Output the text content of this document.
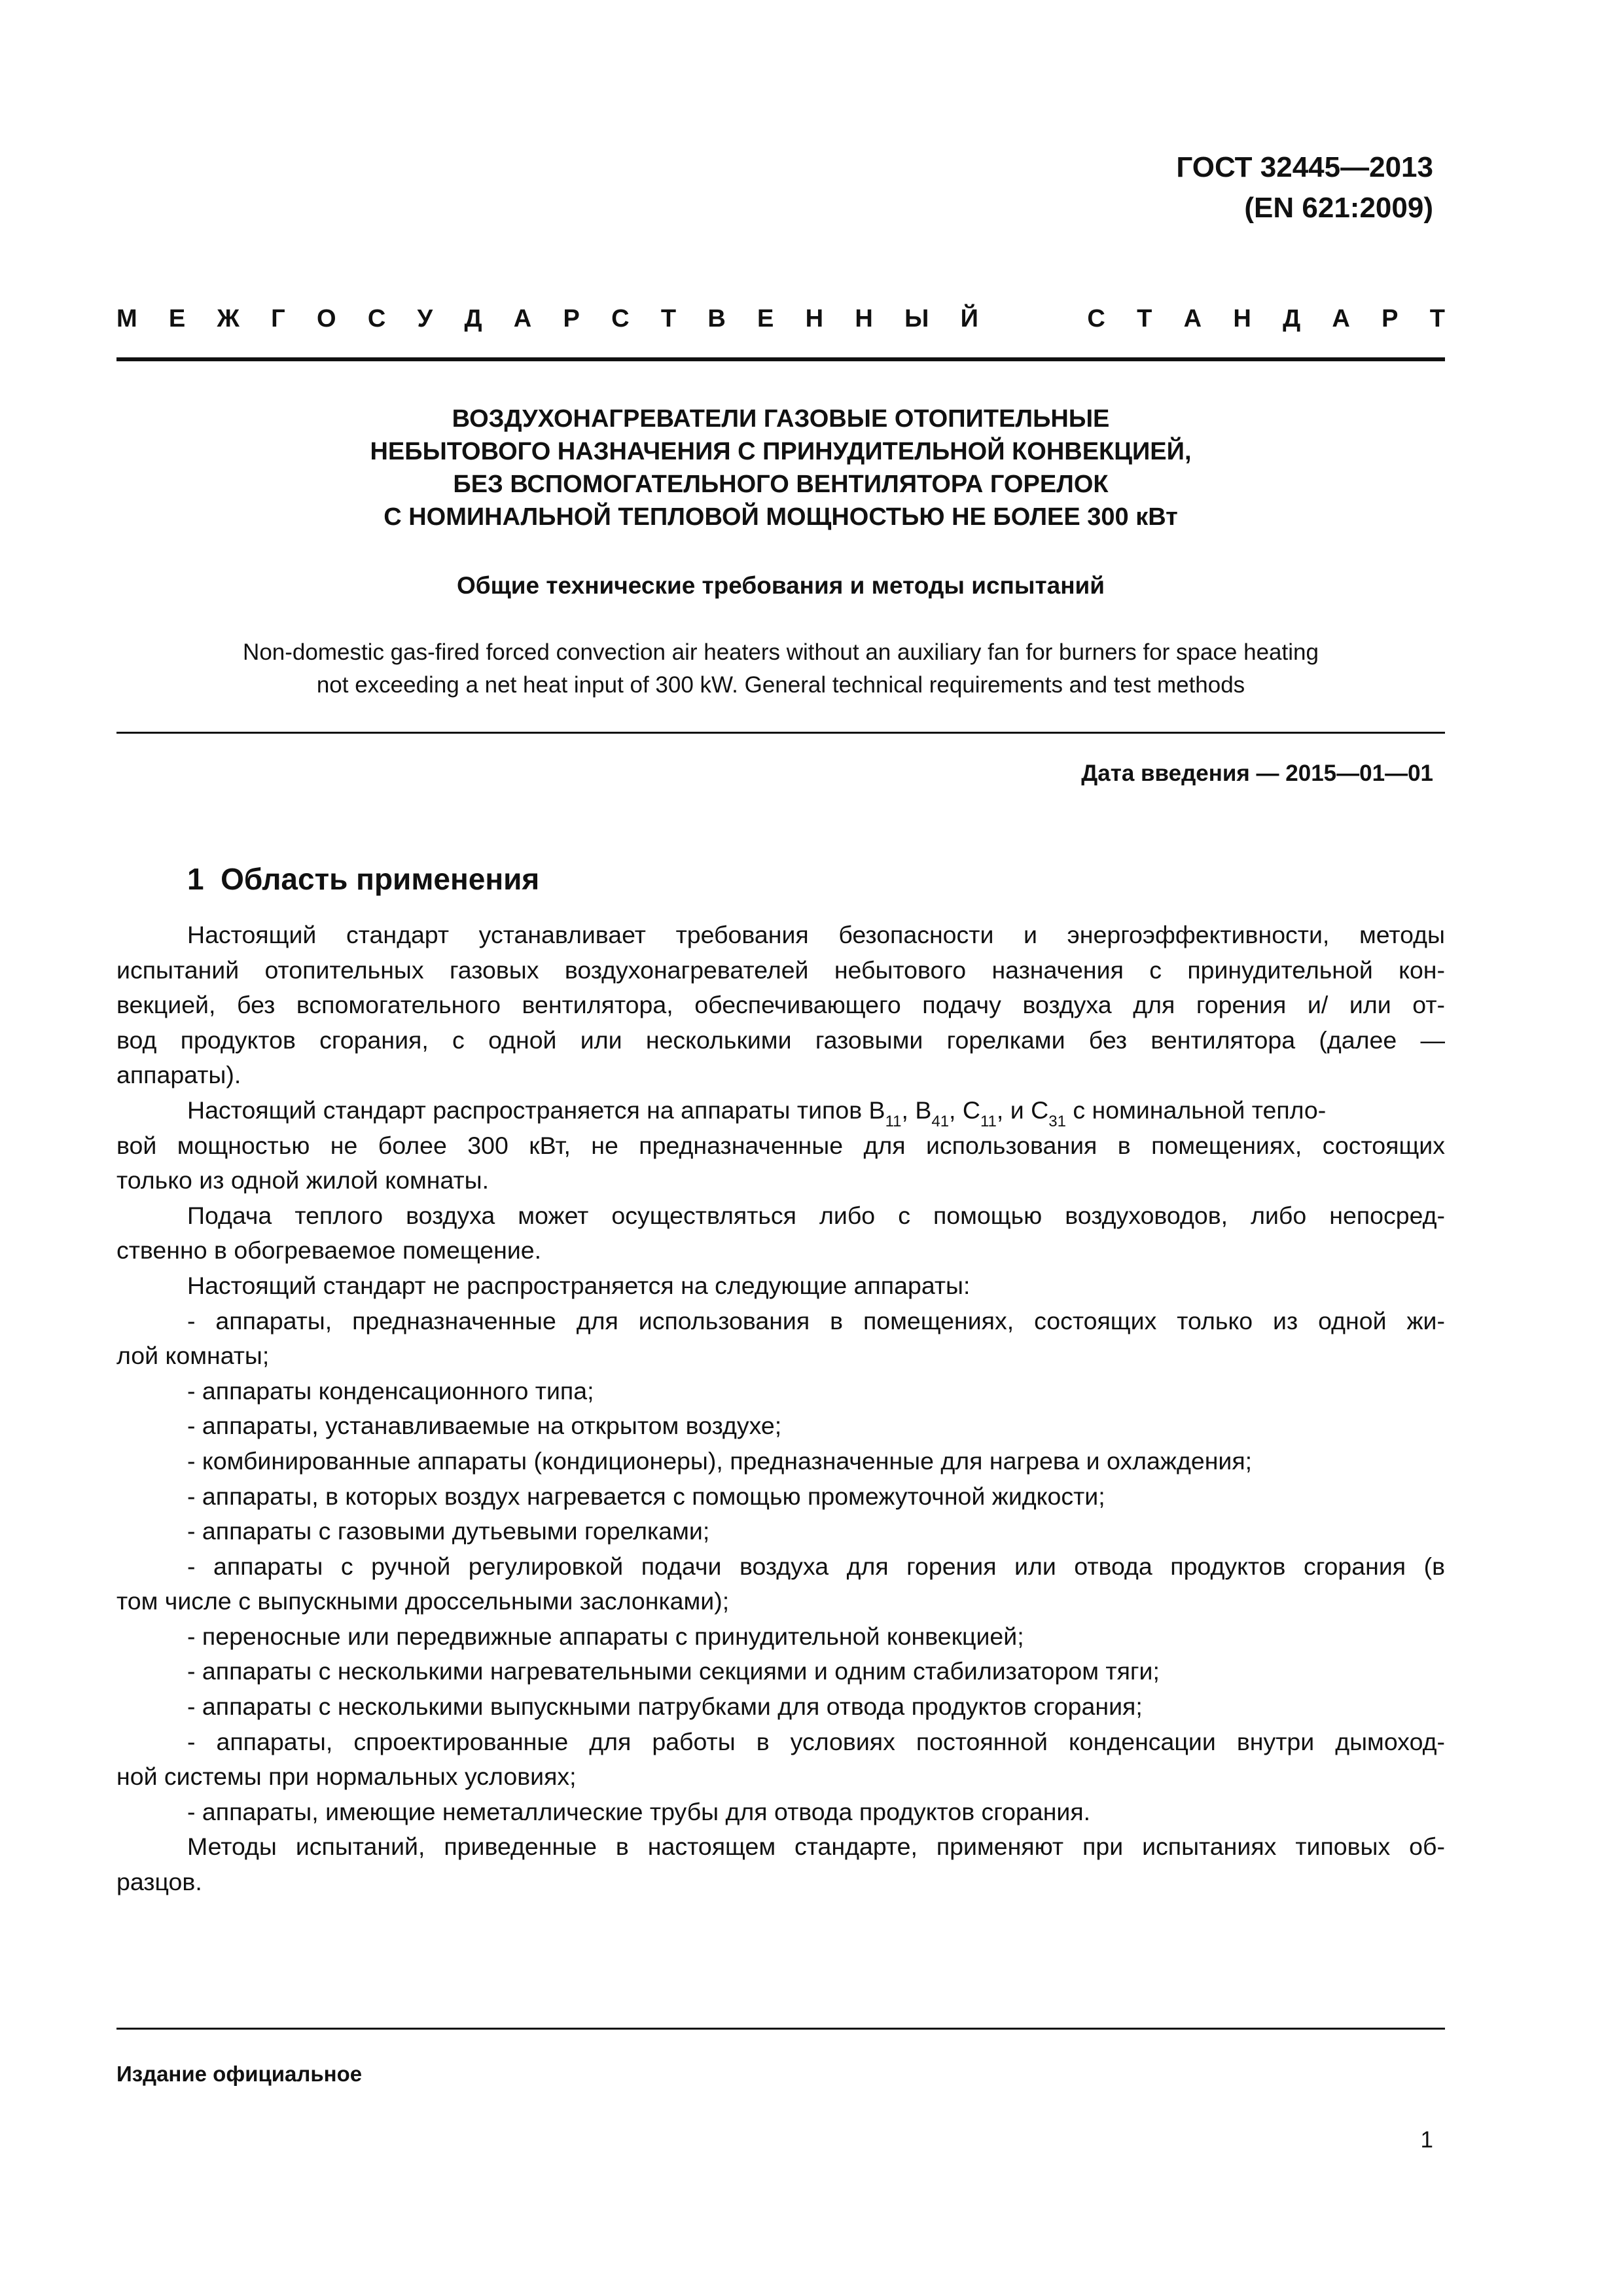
ГОСТ 32445—2013
(EN 621:2009)
М Е Ж Г О С У Д А Р С Т В Е Н Н Ы Й	С Т А Н Д А Р Т
ВОЗДУХОНАГРЕВАТЕЛИ ГАЗОВЫЕ ОТОПИТЕЛЬНЫЕ
НЕБЫТОВОГО НАЗНАЧЕНИЯ С ПРИНУДИТЕЛЬНОЙ КОНВЕКЦИЕЙ,
БЕЗ ВСПОМОГАТЕЛЬНОГО ВЕНТИЛЯТОРА ГОРЕЛОК
С НОМИНАЛЬНОЙ ТЕПЛОВОЙ МОЩНОСТЬЮ НЕ БОЛЕЕ 300 кВт
Общие технические требования и методы испытаний
Non-domestic gas-fired forced convection air heaters without an auxiliary fan for burners for space heating
not exceeding a net heat input of 300 kW. General technical requirements and test methods
Дата введения — 2015—01—01
1 Область применения
Настоящий стандарт устанавливает требования безопасности и энергоэффективности, методы
испытаний отопительных газовых воздухонагревателей небытового назначения с принудительной кон-
векцией, без вспомогательного вентилятора, обеспечивающего подачу воздуха для горения и/ или от-
вод продуктов сгорания, с одной или несколькими газовыми горелками без вентилятора (далее —
аппараты).
Настоящий стандарт распространяется на аппараты типов $B_{11}$, $B_{41}$, $C_{11}$, и $C_{31}$ с номинальной тепло-
вой мощностью не более 300 кВт, не предназначенные для использования в помещениях, состоящих
только из одной жилой комнаты.
Подача теплого воздуха может осуществляться либо с помощью воздуховодов, либо непосред-
ственно в обогреваемое помещение.
Настоящий стандарт не распространяется на следующие аппараты:
- аппараты, предназначенные для использования в помещениях, состоящих только из одной жи-
лой комнаты;
- аппараты конденсационного типа;
- аппараты, устанавливаемые на открытом воздухе;
- комбинированные аппараты (кондиционеры), предназначенные для нагрева и охлаждения;
- аппараты, в которых воздух нагревается с помощью промежуточной жидкости;
- аппараты с газовыми дутьевыми горелками;
- аппараты с ручной регулировкой подачи воздуха для горения или отвода продуктов сгорания (в
том числе с выпускными дроссельными заслонками);
- переносные или передвижные аппараты с принудительной конвекцией;
- аппараты с несколькими нагревательными секциями и одним стабилизатором тяги;
- аппараты с несколькими выпускными патрубками для отвода продуктов сгорания;
- аппараты, спроектированные для работы в условиях постоянной конденсации внутри дымоход-
ной системы при нормальных условиях;
- аппараты, имеющие неметаллические трубы для отвода продуктов сгорания.
Методы испытаний, приведенные в настоящем стандарте, применяют при испытаниях типовых об-
разцов.
Издание официальное
1
